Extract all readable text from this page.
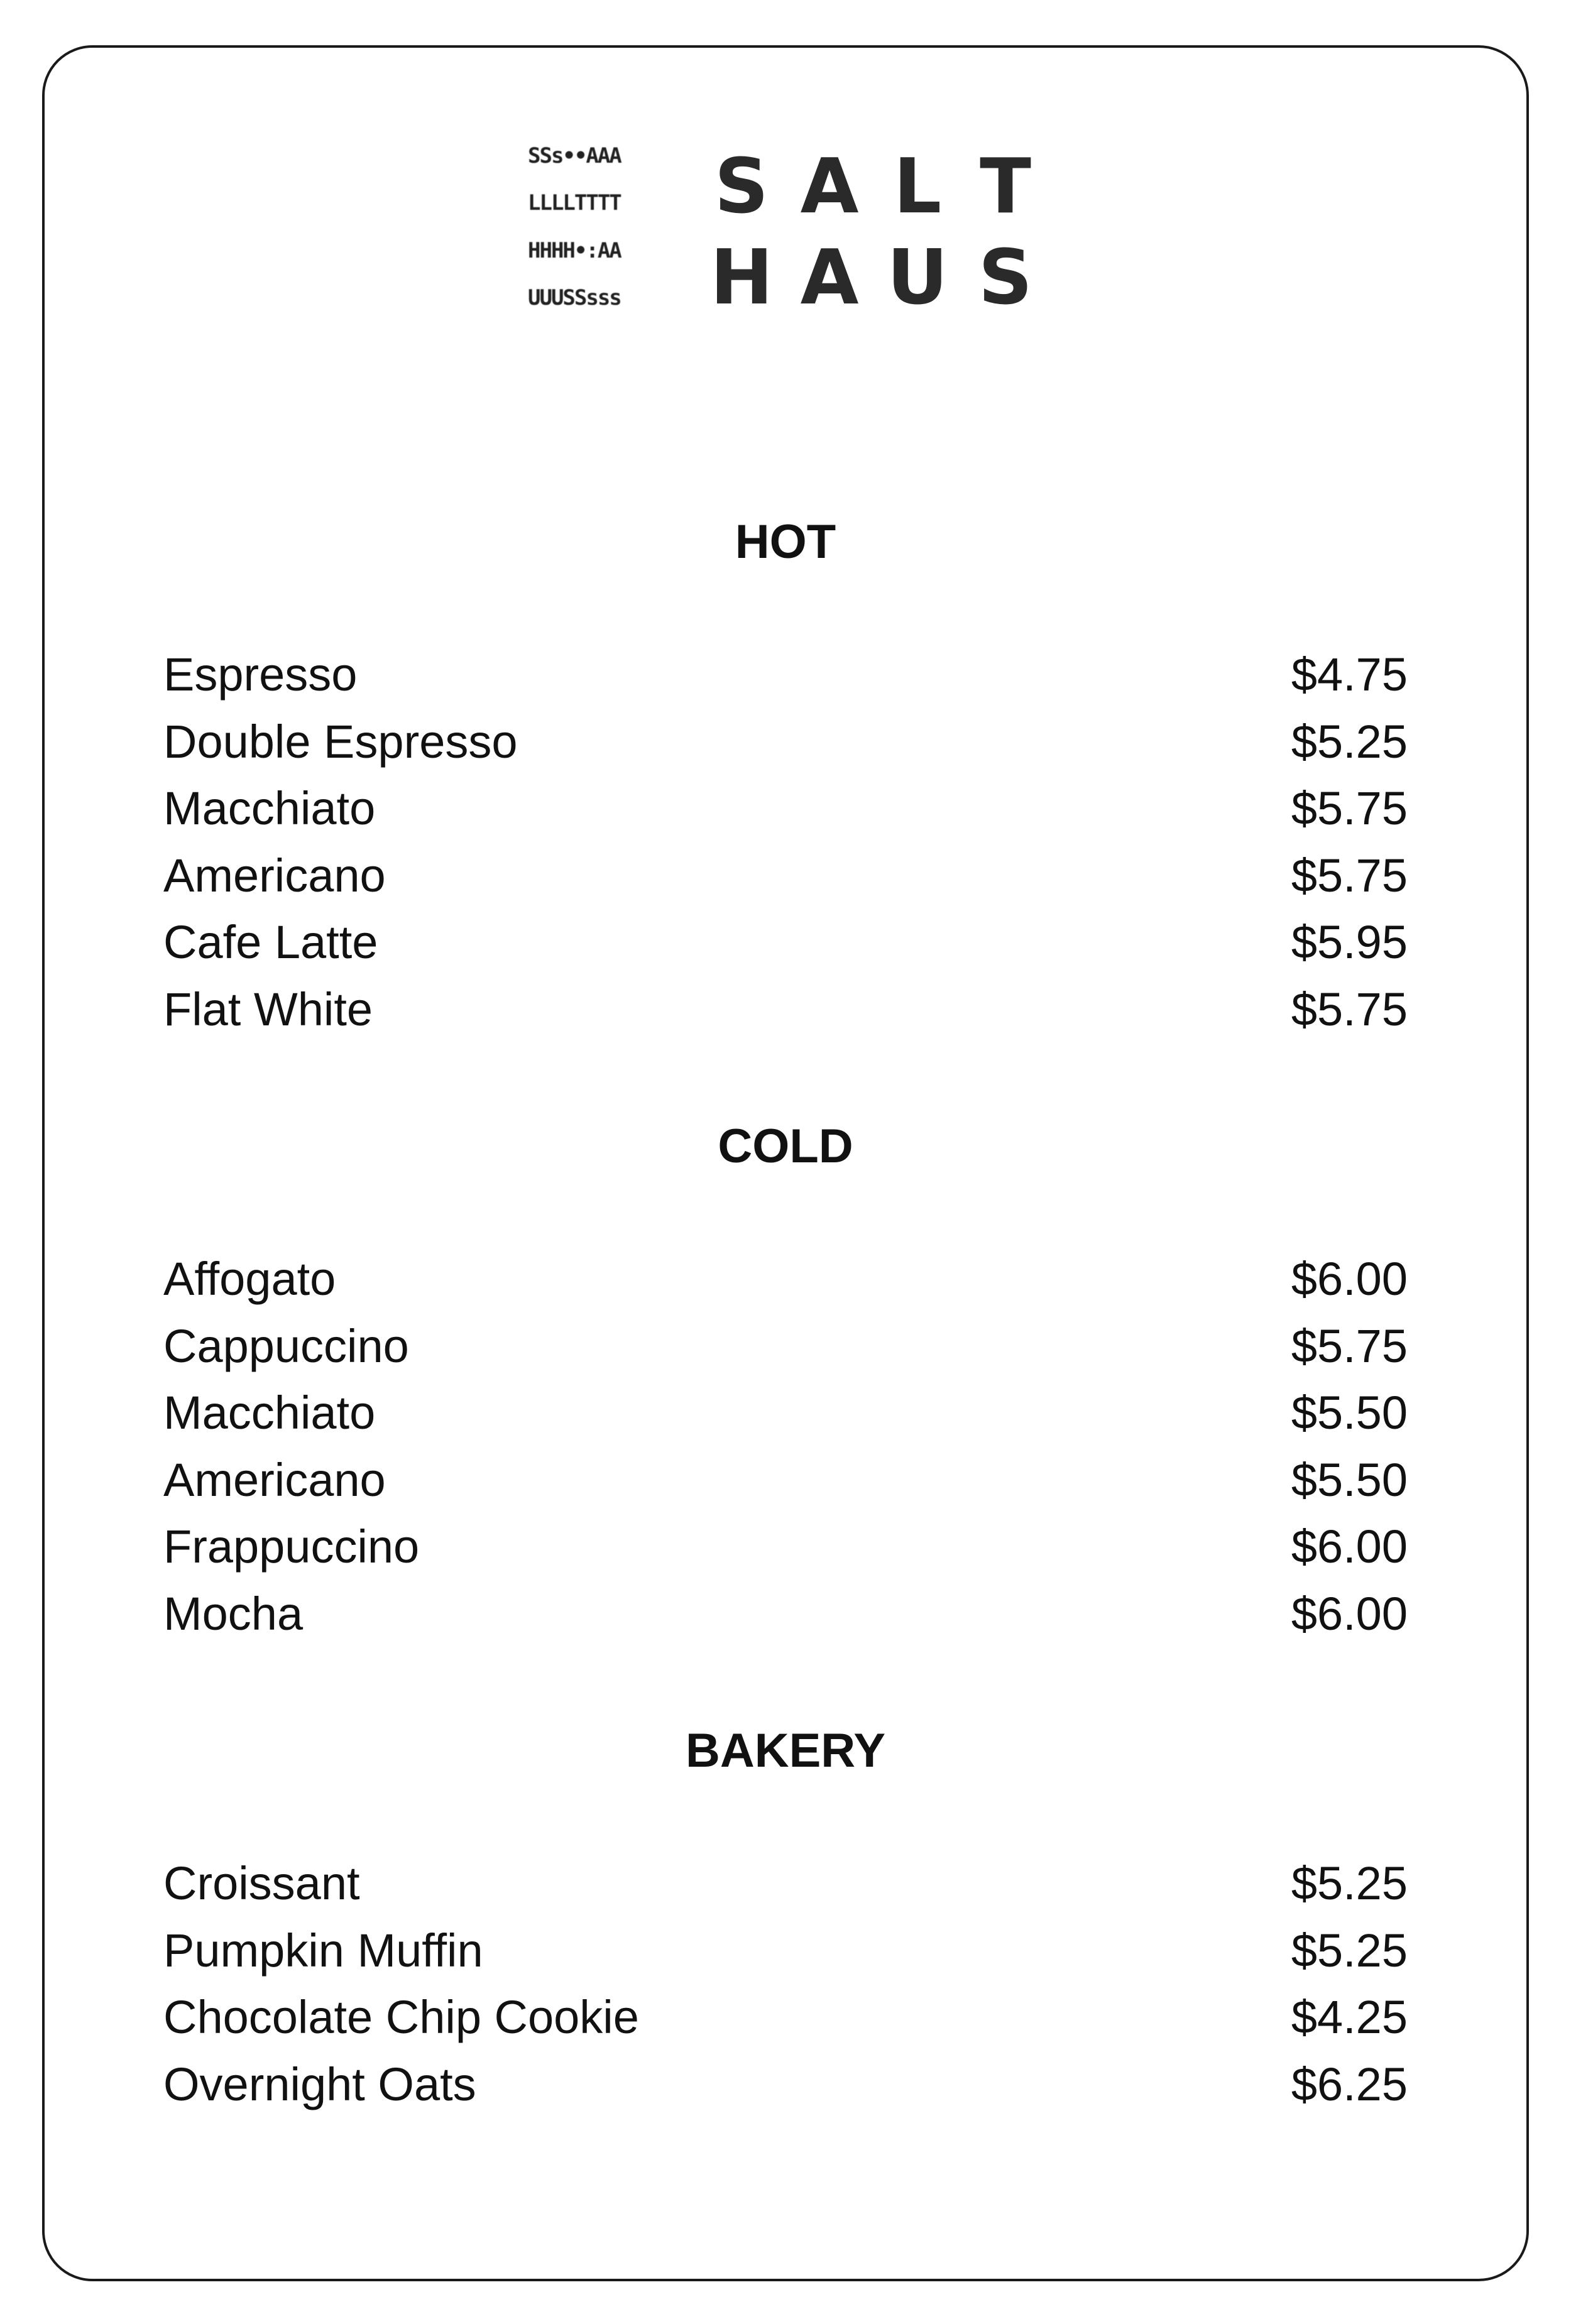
SSs••AAA
LLLLTTTT
HHHH•:AA
UUUSSsss
S A L T
H A U S
HOT
Espresso	$4.75
Double Espresso	$5.25
Macchiato	$5.75
Americano	$5.75
Cafe Latte	$5.95
Flat White	$5.75
COLD
Affogato	$6.00
Cappuccino	$5.75
Macchiato	$5.50
Americano	$5.50
Frappuccino	$6.00
Mocha	$6.00
BAKERY
Croissant	$5.25
Pumpkin Muffin	$5.25
Chocolate Chip Cookie	$4.25
Overnight Oats	$6.25
